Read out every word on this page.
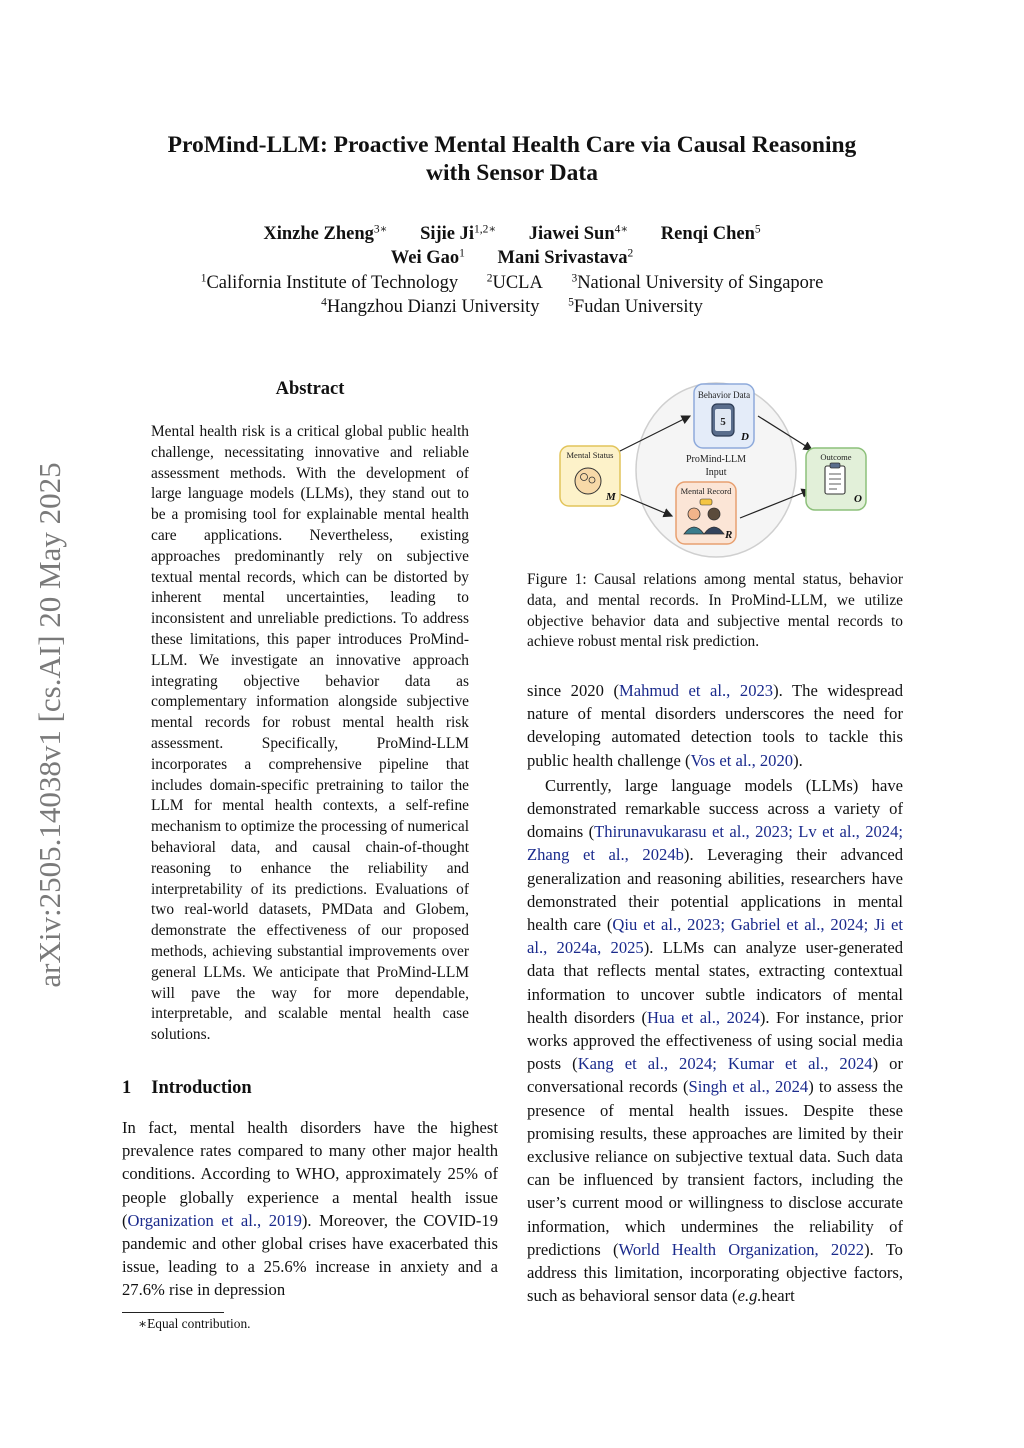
arXiv:2505.14038v1 [cs.AI] 20 May 2025
ProMind-LLM: Proactive Mental Health Care via Causal Reasoning
with Sensor Data
Xinzhe Zheng$^{3∗}$ Sijie $Ji^{1,2∗}$ Jiawei Sun$^{4∗}$ Renqi Chen$^5$
Wei Gao$^1$ Mani Srivastava$^2$
$^1$California Institute of Technology $^2$UCLA $^3$National University of Singapore
$^4$Hangzhou Dianzi University $^5$Fudan University
Abstract
Mental health risk is a critical global public health challenge, necessitating innovative and reliable assessment methods. With the development of large language models (LLMs), they stand out to be a promising tool for explainable mental health care applications. Nevertheless, existing approaches predominantly rely on subjective textual mental records, which can be distorted by inherent mental uncertainties, leading to inconsistent and unreliable predictions. To address these limitations, this paper introduces ProMind-LLM. We investigate an innovative approach integrating objective behavior data as complementary information alongside subjective mental records for robust mental health risk assessment. Specifically, ProMind-LLM incorporates a comprehensive pipeline that includes domain-specific pretraining to tailor the LLM for mental health contexts, a self-refine mechanism to optimize the processing of numerical behavioral data, and causal chain-of-thought reasoning to enhance the reliability and interpretability of its predictions. Evaluations of two real-world datasets, PMData and Globem, demonstrate the effectiveness of our proposed methods, achieving substantial improvements over general LLMs. We anticipate that ProMind-LLM will pave the way for more dependable, interpretable, and scalable mental health case solutions.
1 Introduction
In fact, mental health disorders have the highest prevalence rates compared to many other major health conditions. According to WHO, approximately 25% of people globally experience a mental health issue (Organization et al., 2019). Moreover, the COVID-19 pandemic and other global crises have exacerbated this issue, leading to a 25.6% increase in anxiety and a 27.6% rise in depression
∗Equal contribution.
Behavior Data
5
D
ProMind-LLM
Input
Mental Record
R
Mental Status
M
Outcome
O
Figure 1: Causal relations among mental status, behavior data, and mental records. In ProMind-LLM, we utilize objective behavior data and subjective mental records to achieve robust mental risk prediction.

since 2020 (Mahmud et al., 2023). The widespread nature of mental disorders underscores the need for developing automated detection tools to tackle this public health challenge (Vos et al., 2020).

Currently, large language models (LLMs) have demonstrated remarkable success across a variety of domains (Thirunavukarasu et al., 2023; Lv et al., 2024; Zhang et al., 2024b). Leveraging their advanced generalization and reasoning abilities, researchers have demonstrated their potential applications in mental health care (Qiu et al., 2023; Gabriel et al., 2024; Ji et al., 2024a, 2025). LLMs can analyze user-generated data that reflects mental states, extracting contextual information to uncover subtle indicators of mental health disorders (Hua et al., 2024). For instance, prior works approved the effectiveness of using social media posts (Kang et al., 2024; Kumar et al., 2024) or conversational records (Singh et al., 2024) to assess the presence of mental health issues. Despite these promising results, these approaches are limited by their exclusive reliance on subjective textual data. Such data can be influenced by transient factors, including the user’s current mood or willingness to disclose accurate information, which undermines the reliability of predictions (World Health Organization, 2022). To address this limitation, incorporating objective factors, such as behavioral sensor data (e.g.heart
